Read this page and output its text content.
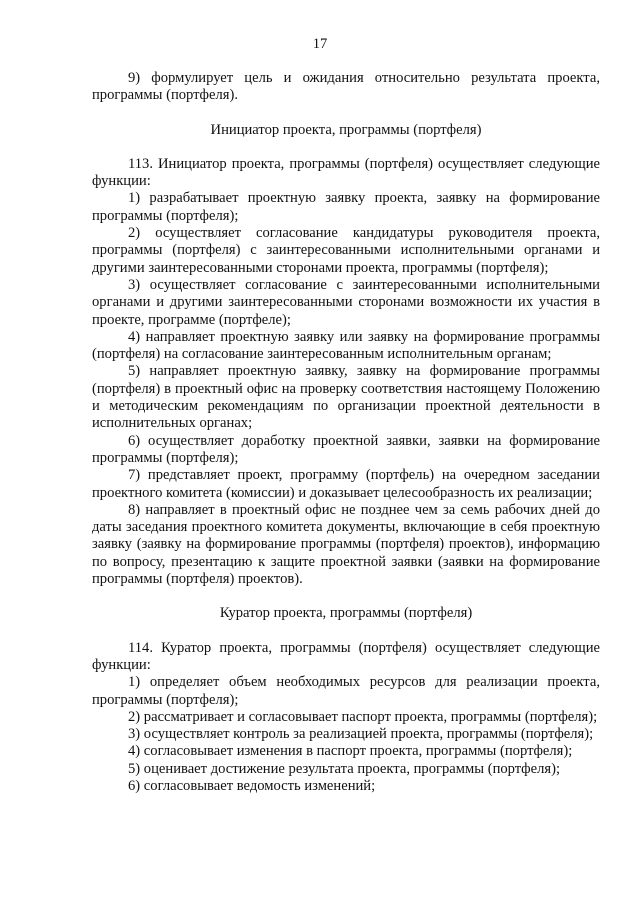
17

9) формулирует цель и ожидания относительно результата проекта, программы (портфеля).

Инициатор проекта, программы (портфеля)

113. Инициатор проекта, программы (портфеля) осуществляет следующие функции:

1) разрабатывает проектную заявку проекта, заявку на формирование программы (портфеля);

2) осуществляет согласование кандидатуры руководителя проекта, программы (портфеля) с заинтересованными исполнительными органами и другими заинтересованными сторонами проекта, программы (портфеля);

3) осуществляет согласование с заинтересованными исполнительными органами и другими заинтересованными сторонами возможности их участия в проекте, программе (портфеле);

4) направляет проектную заявку или заявку на формирование программы (портфеля) на согласование заинтересованным исполнительным органам;

5) направляет проектную заявку, заявку на формирование программы (портфеля) в проектный офис на проверку соответствия настоящему Положению и методическим рекомендациям по организации проектной деятельности в исполнительных органах;

6) осуществляет доработку проектной заявки, заявки на формирование программы (портфеля);

7) представляет проект, программу (портфель) на очередном заседании проектного комитета (комиссии) и доказывает целесообразность их реализации;

8) направляет в проектный офис не позднее чем за семь рабочих дней до даты заседания проектного комитета документы, включающие в себя проектную заявку (заявку на формирование программы (портфеля) проектов), информацию по вопросу, презентацию к защите проектной заявки (заявки на формирование программы (портфеля) проектов).

Куратор проекта, программы (портфеля)

114. Куратор проекта, программы (портфеля) осуществляет следующие функции:

1) определяет объем необходимых ресурсов для реализации проекта, программы (портфеля);

2) рассматривает и согласовывает паспорт проекта, программы (портфеля);

3) осуществляет контроль за реализацией проекта, программы (портфеля);

4) согласовывает изменения в паспорт проекта, программы (портфеля);

5) оценивает достижение результата проекта, программы (портфеля);

6) согласовывает ведомость изменений;
